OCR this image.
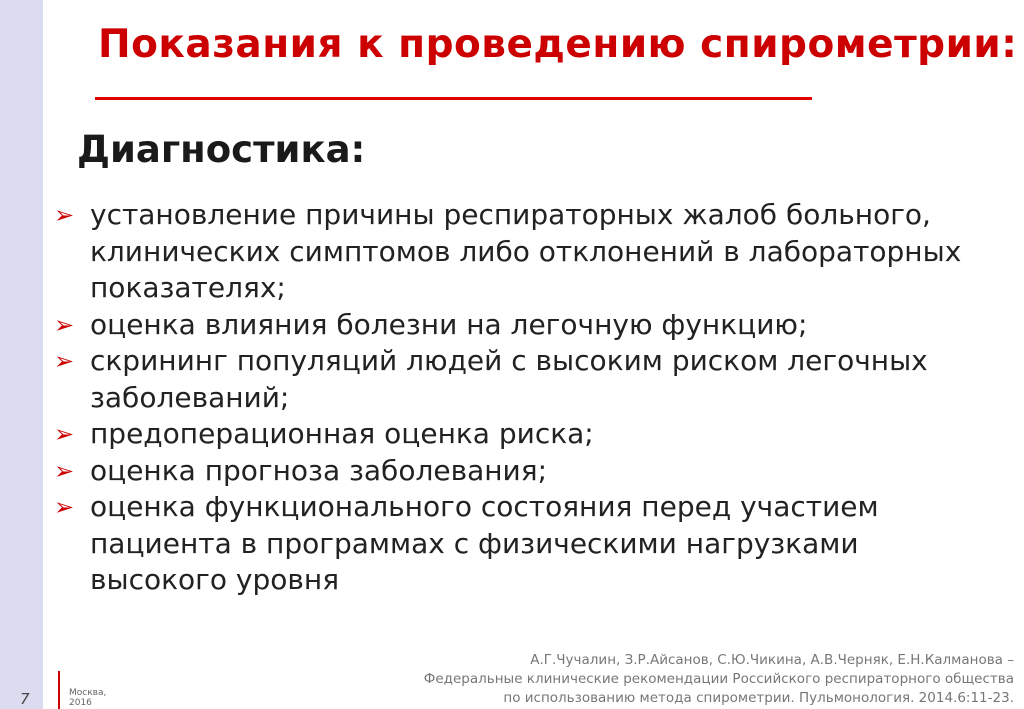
Показания к проведению спирометрии:
Диагностика:
➢ установление причины респираторных жалоб больного,
клинических симптомов либо отклонений в лабораторных
показателях;
➢ оценка влияния болезни на легочную функцию;
➢ скрининг популяций людей с высоким риском легочных
заболеваний;
➢ предоперационная оценка риска;
➢ оценка прогноза заболевания;
➢ оценка функционального состояния перед участием
пациента в программах с физическими нагрузками
высокого уровня
А.Г.Чучалин, З.Р.Айсанов, С.Ю.Чикина, А.В.Черняк, Е.Н.Калманова –
Федеральные клинические рекомендации Российского респираторного общества
по использованию метода спирометрии. Пульмонология. 2014.6:11-23.
7	Москва,
2016
